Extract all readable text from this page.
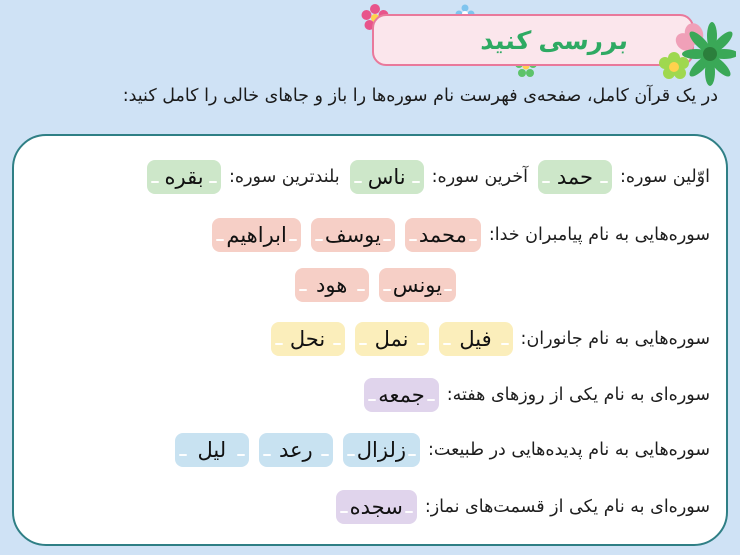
بررسی کنید
در یک قرآن کامل، صفحه‌ی فهرست نام سوره‌ها را باز و جاهای خالی را کامل کنید:
اوّلین سوره:
حمد
آخرین سوره:
ناس
بلندترین سوره:
بقره
سوره‌هایی به نام پیامبران خدا:
محمد
یوسف
ابراهیم
یونس
هود
سوره‌هایی به نام جانوران:
فیل
نمل
نحل
سوره‌ای به نام یکی از روزهای هفته:
جمعه
سوره‌هایی به نام پدیده‌هایی در طبیعت:
زلزال
رعد
لیل
سوره‌ای به نام یکی از قسمت‌های نماز:
سجده
